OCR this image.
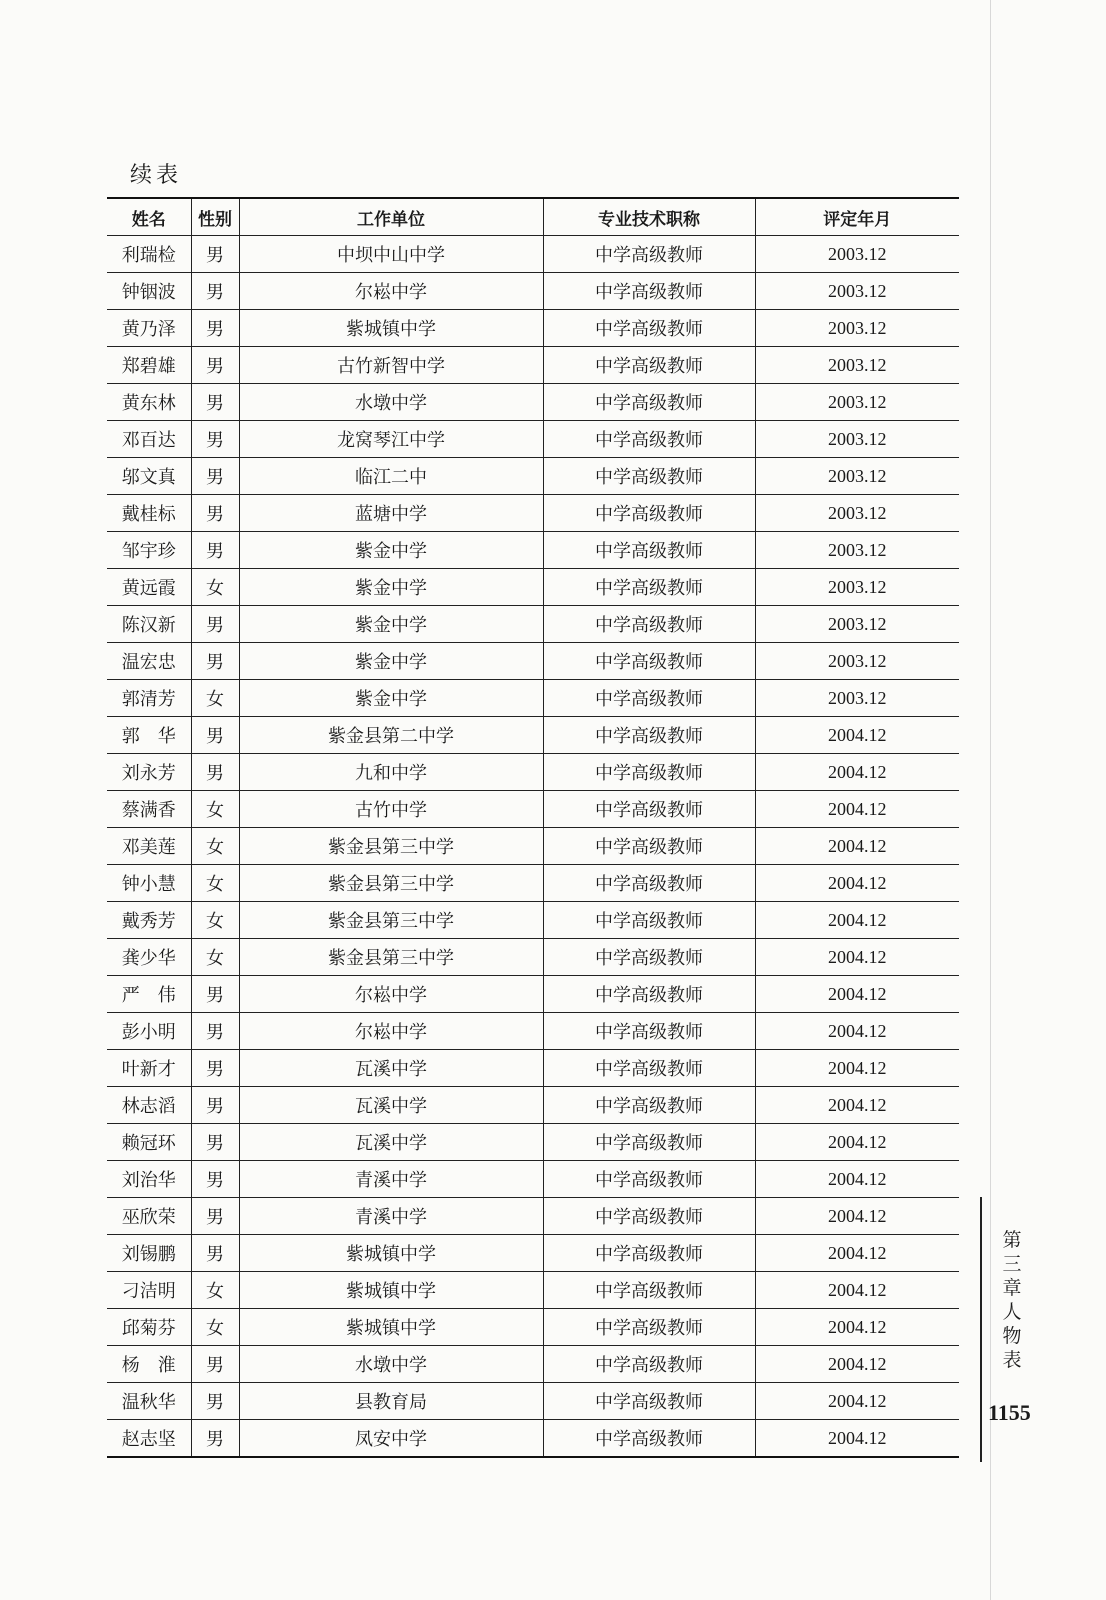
续表
姓名	性别	工作单位	专业技术职称	评定年月
利瑞检	男	中坝中山中学	中学高级教师	2003.12
钟铟波	男	尔崧中学	中学高级教师	2003.12
黄乃泽	男	紫城镇中学	中学高级教师	2003.12
郑碧雄	男	古竹新智中学	中学高级教师	2003.12
黄东林	男	水墩中学	中学高级教师	2003.12
邓百达	男	龙窝琴江中学	中学高级教师	2003.12
邬文真	男	临江二中	中学高级教师	2003.12
戴桂标	男	蓝塘中学	中学高级教师	2003.12
邹宇珍	男	紫金中学	中学高级教师	2003.12
黄远霞	女	紫金中学	中学高级教师	2003.12
陈汉新	男	紫金中学	中学高级教师	2003.12
温宏忠	男	紫金中学	中学高级教师	2003.12
郭清芳	女	紫金中学	中学高级教师	2003.12
郭　华	男	紫金县第二中学	中学高级教师	2004.12
刘永芳	男	九和中学	中学高级教师	2004.12
蔡满香	女	古竹中学	中学高级教师	2004.12
邓美莲	女	紫金县第三中学	中学高级教师	2004.12
钟小慧	女	紫金县第三中学	中学高级教师	2004.12
戴秀芳	女	紫金县第三中学	中学高级教师	2004.12
龚少华	女	紫金县第三中学	中学高级教师	2004.12
严　伟	男	尔崧中学	中学高级教师	2004.12
彭小明	男	尔崧中学	中学高级教师	2004.12
叶新才	男	瓦溪中学	中学高级教师	2004.12
林志滔	男	瓦溪中学	中学高级教师	2004.12
赖冠环	男	瓦溪中学	中学高级教师	2004.12
刘治华	男	青溪中学	中学高级教师	2004.12
巫欣荣	男	青溪中学	中学高级教师	2004.12
刘锡鹏	男	紫城镇中学	中学高级教师	2004.12
刁洁明	女	紫城镇中学	中学高级教师	2004.12
邱菊芬	女	紫城镇中学	中学高级教师	2004.12
杨　淮	男	水墩中学	中学高级教师	2004.12
温秋华	男	县教育局	中学高级教师	2004.12
赵志坚	男	凤安中学	中学高级教师	2004.12
第三章　人物表
1155
